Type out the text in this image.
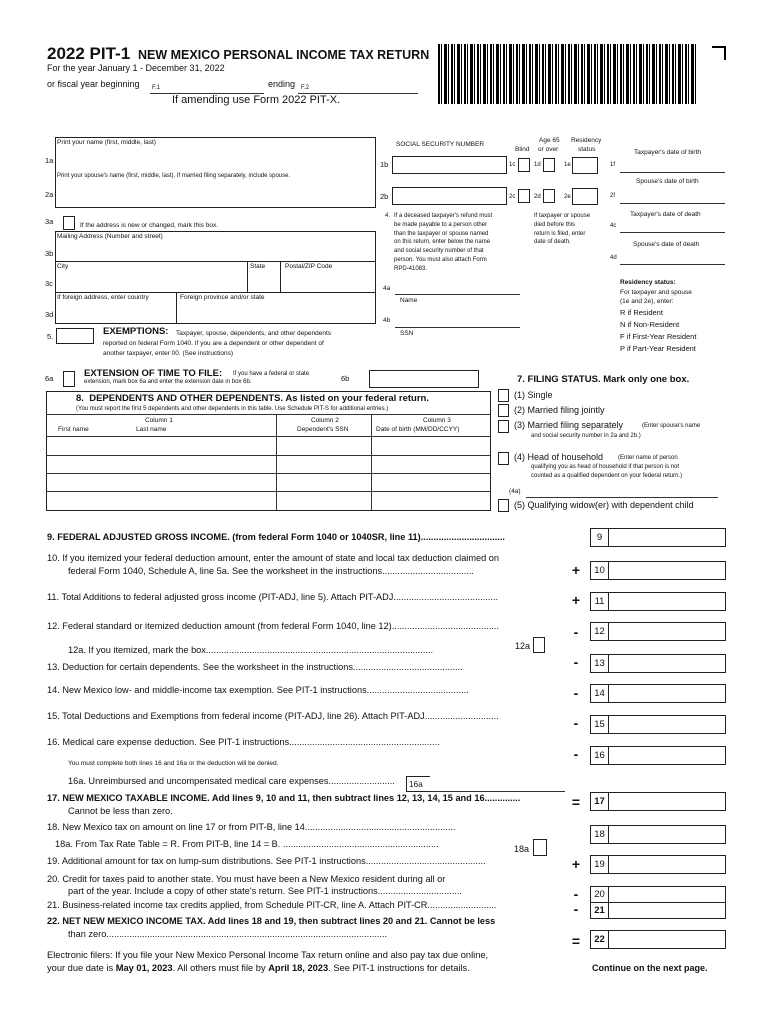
2022 PIT-1 NEW MEXICO PERSONAL INCOME TAX RETURN
For the year January 1 - December 31, 2022
or fiscal year beginning F.1	ending F.2
If amending use Form 2022 PIT-X.
Print your name (first, middle, last)
1a
Print your spouse's name (first, middle, last). If married filing separately, include spouse.
2a
3a	If the address is new or changed, mark this box.
Mailing Address (Number and street)
3b
City	State	Postal/ZIP Code
3c
If foreign address, enter country	Foreign province and/or state
3d
5.	EXEMPTIONS: Taxpayer, spouse, dependents, and other dependents
reported on federal Form 1040. If you are a dependent or other dependent of
another taxpayer, enter 00. (See instructions)
SOCIAL SECURITY NUMBER
Blind
Age 65
or over
Residency
status	Taxpayer's date of birth
1b	1c	1d	1e	1f
Spouse's date of birth
2b	2c	2d	2e	2f
4. If a deceased taxpayer's refund must
be made payable to a person other
than the taxpayer or spouse named
on this return, enter below the name
and social security number of that
person. You must also attach Form
RPD-41083.
If taxpayer or spouse
died before this
return is filed, enter
date of death.
Taxpayer's date of death
4c
Spouse's date of death
4d
4a
Name
4b
SSN
Residency status:
For taxpayer and spouse
(1e and 2e), enter:
R if Resident
N if Non-Resident
F if First-Year Resident
P if Part-Year Resident
6a	EXTENSION OF TIME TO FILE: If you have a federal or state
extension, mark box 6a and enter the extension date in box 6b.	6b
8. DEPENDENTS AND OTHER DEPENDENTS. As listed on your federal return.
(You must report the first 5 dependents and other dependents in this table. Use Schedule PIT-S for additional entries.)
Column 1
First name	Last name
Column 2
Dependent's SSN
Column 3
Date of birth (MM/DD/CCYY)
7. FILING STATUS. Mark only one box.
(1) Single
(2) Married filing jointly
(3) Married filing separately	(Enter spouse's name
and social security number in 2a and 2b.)
(4) Head of household (Enter name of person
qualifying you as head of household if that person is not
counted as a qualified dependent on your federal return.)
(4a)
(5) Qualifying widow(er) with dependent child
9. FEDERAL ADJUSTED GROSS INCOME. (from federal Form 1040 or 1040SR, line 11).................................	9
10. If you itemized your federal deduction amount, enter the amount of state and local tax deduction claimed on
federal Form 1040, Schedule A, line 5a. See the worksheet in the instructions....................................	+	10
11. Total Additions to federal adjusted gross income (PIT-ADJ, line 5). Attach PIT-ADJ.........................................	+	11
12. Federal standard or itemized deduction amount (from federal Form 1040, line 12)..........................................	-	12
12a. If you itemized, mark the box.........................................................................................	12a
13. Deduction for certain dependents. See the worksheet in the instructions...........................................	-	13
14. New Mexico low- and middle-income tax exemption. See PIT-1 instructions........................................	-	14
15. Total Deductions and Exemptions from federal income (PIT-ADJ, line 26). Attach PIT-ADJ.............................	-	15
16. Medical care expense deduction. See PIT-1 instructions...........................................................
-	16
You must complete both lines 16 and 16a or the deduction will be denied.
16a. Unreimbursed and uncompensated medical care expenses.......................... 16a
17. NEW MEXICO TAXABLE INCOME. Add lines 9, 10 and 11, then subtract lines 12, 13, 14, 15 and 16..............
Cannot be less than zero.
=	17
18. New Mexico tax on amount on line 17 or from PIT-B, line 14...........................................................
18
18a. From Tax Rate Table = R. From PIT-B, line 14 = B. .............................................................	18a
19. Additional amount for tax on lump-sum distributions. See PIT-1 instructions...............................................	+	19
20. Credit for taxes paid to another state. You must have been a New Mexico resident during all or
part of the year. Include a copy of other state's return. See PIT-1 instructions.................................	-	20
21. Business-related income tax credits applied, from Schedule PIT-CR, line A. Attach PIT-CR...........................	-	21
22. NET NEW MEXICO INCOME TAX. Add lines 18 and 19, then subtract lines 20 and 21. Cannot be less
than zero..............................................................................................................	=	22
Electronic filers: If you file your New Mexico Personal Income Tax return online and also pay tax due online,
your due date is May 01, 2023. All others must file by April 18, 2023. See PIT-1 instructions for details.	Continue on the next page.
